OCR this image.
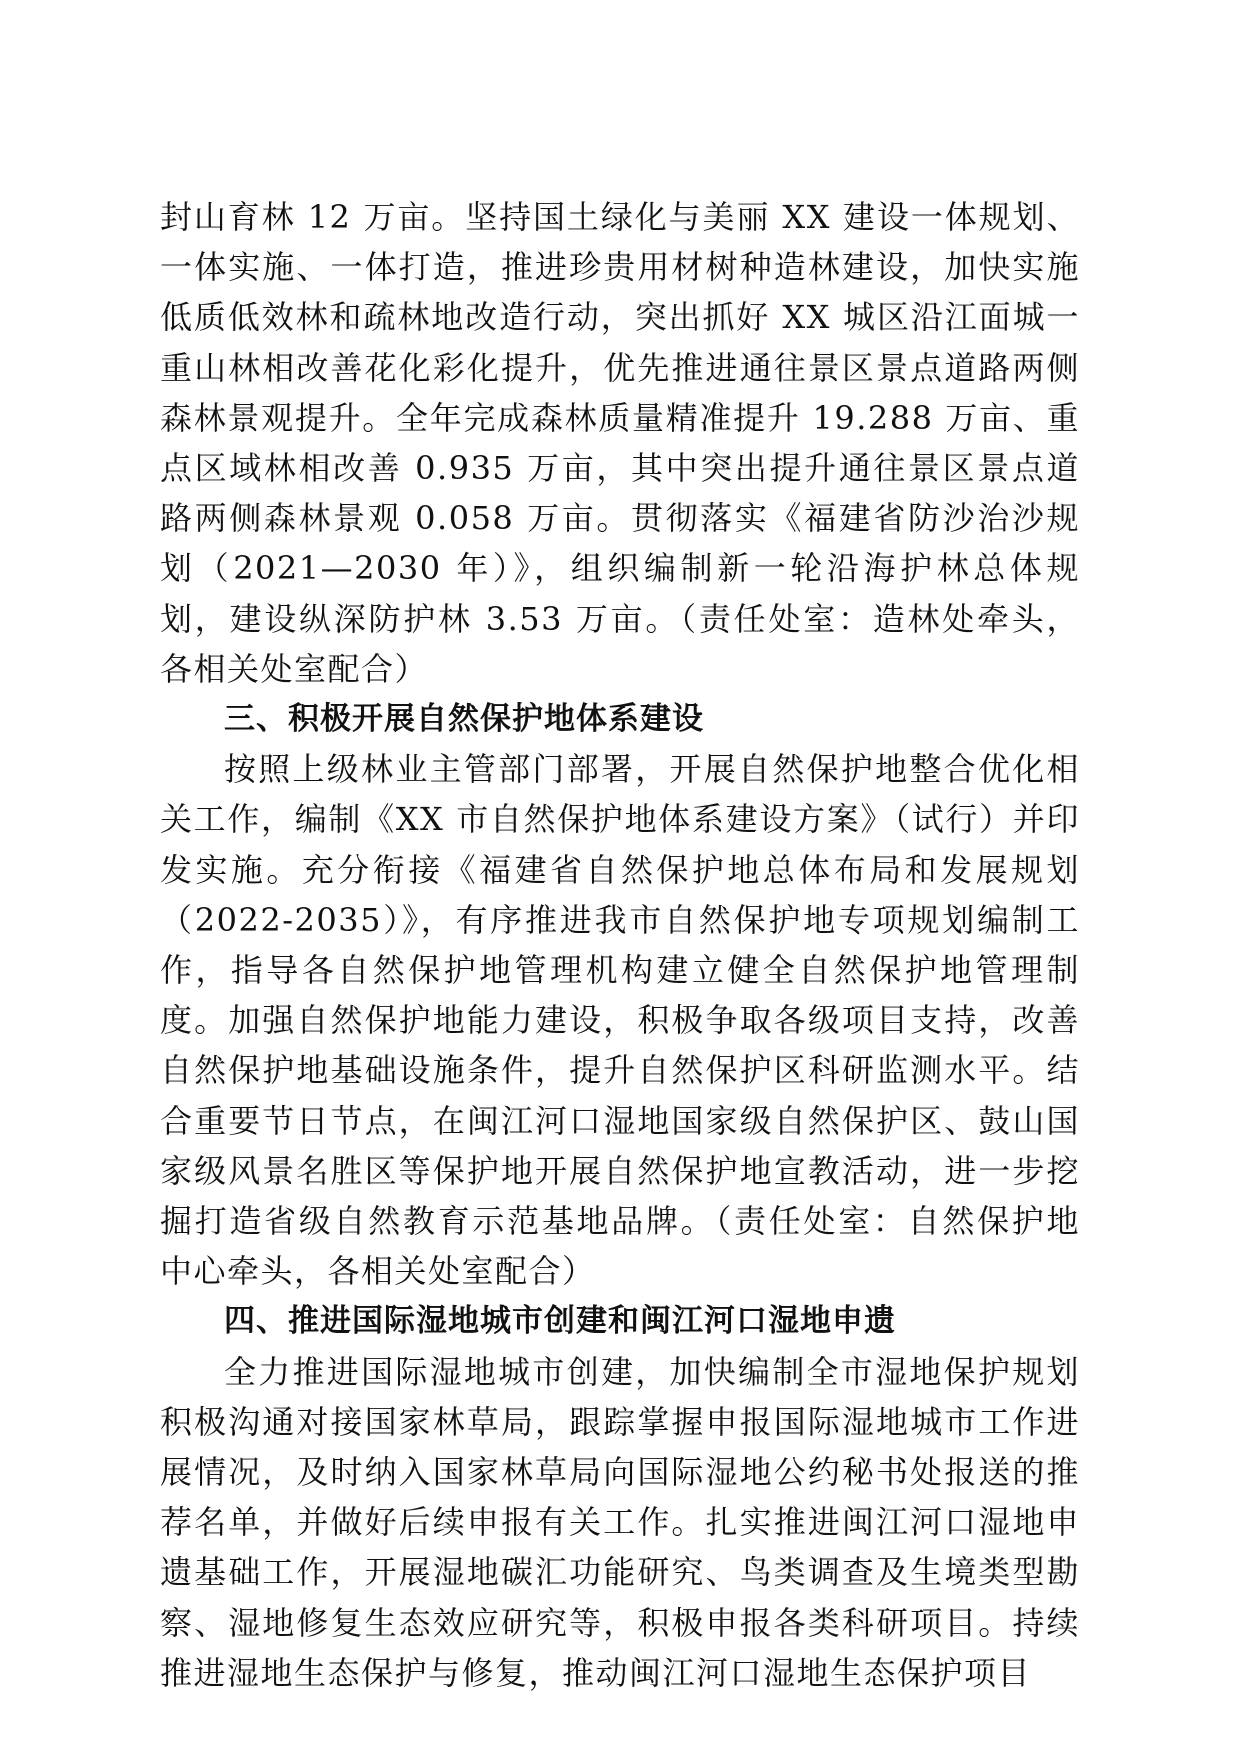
封山育林 12 万亩。坚持国土绿化与美丽 XX 建设一体规划、一体实施、一体打造，推进珍贵用材树种造林建设，加快实施低质低效林和疏林地改造行动，突出抓好 XX 城区沿江面城一重山林相改善花化彩化提升，优先推进通往景区景点道路两侧森林景观提升。全年完成森林质量精准提升 19.288 万亩、重点区域林相改善 0.935 万亩，其中突出提升通往景区景点道路两侧森林景观 0.058 万亩。贯彻落实《福建省防沙治沙规划（2021—2030 年）》，组织编制新一轮沿海护林总体规划，建设纵深防护林 3.53 万亩。（责任处室：造林处牵头，各相关处室配合）

三、积极开展自然保护地体系建设

按照上级林业主管部门部署，开展自然保护地整合优化相关工作，编制《XX 市自然保护地体系建设方案》（试行）并印发实施。充分衔接《福建省自然保护地总体布局和发展规划（2022-2035）》，有序推进我市自然保护地专项规划编制工作，指导各自然保护地管理机构建立健全自然保护地管理制度。加强自然保护地能力建设，积极争取各级项目支持，改善自然保护地基础设施条件，提升自然保护区科研监测水平。结合重要节日节点，在闽江河口湿地国家级自然保护区、鼓山国家级风景名胜区等保护地开展自然保护地宣教活动，进一步挖掘打造省级自然教育示范基地品牌。（责任处室：自然保护地中心牵头，各相关处室配合）

四、推进国际湿地城市创建和闽江河口湿地申遗

全力推进国际湿地城市创建，加快编制全市湿地保护规划积极沟通对接国家林草局，跟踪掌握申报国际湿地城市工作进展情况，及时纳入国家林草局向国际湿地公约秘书处报送的推荐名单，并做好后续申报有关工作。扎实推进闽江河口湿地申遗基础工作，开展湿地碳汇功能研究、鸟类调查及生境类型勘察、湿地修复生态效应研究等，积极申报各类科研项目。持续推进湿地生态保护与修复，推动闽江河口湿地生态保护项目
